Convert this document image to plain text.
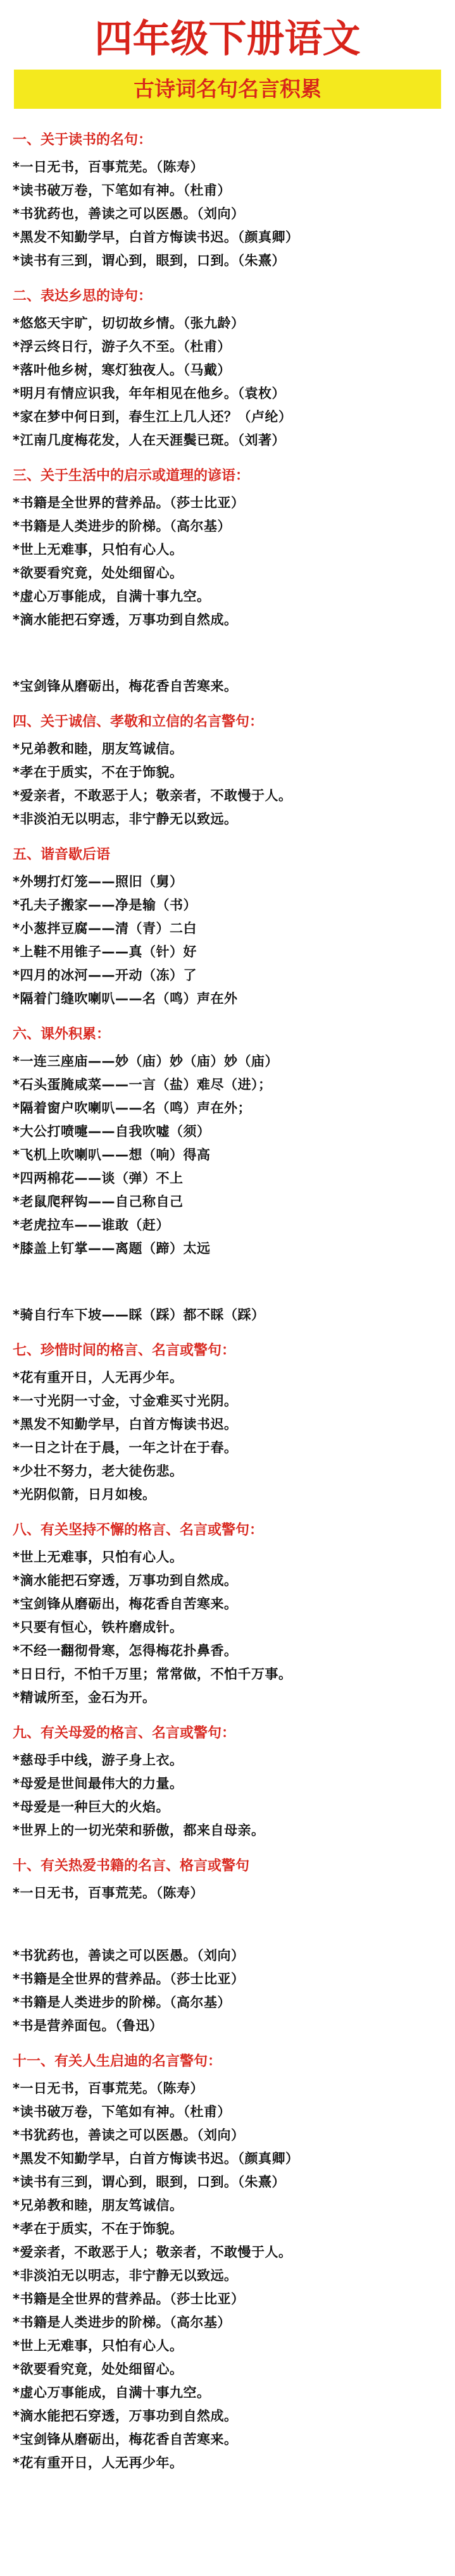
四年级下册语文
古诗词名句名言积累
一、关于读书的名句：
*一日无书，百事荒芜。（陈寿）
*读书破万卷，下笔如有神。（杜甫）
*书犹药也，善读之可以医愚。（刘向）
*黑发不知勤学早，白首方悔读书迟。（颜真卿）
*读书有三到，谓心到，眼到，口到。（朱熹）
二、表达乡思的诗句：
*悠悠天宇旷，切切故乡情。（张九龄）
*浮云终日行，游子久不至。（杜甫）
*落叶他乡树，寒灯独夜人。（马戴）
*明月有情应识我，年年相见在他乡。（袁枚）
*家在梦中何日到，春生江上几人还？（卢纶）
*江南几度梅花发，人在天涯鬓已斑。（刘著）
三、关于生活中的启示或道理的谚语：
*书籍是全世界的营养品。（莎士比亚）
*书籍是人类进步的阶梯。（高尔基）
*世上无难事，只怕有心人。
*欲要看究竟，处处细留心。
*虚心万事能成，自满十事九空。
*滴水能把石穿透，万事功到自然成。
*宝剑锋从磨砺出，梅花香自苦寒来。
四、关于诚信、孝敬和立信的名言警句：
*兄弟教和睦，朋友笃诚信。
*孝在于质实，不在于饰貌。
*爱亲者，不敢恶于人；敬亲者，不敢慢于人。
*非淡泊无以明志，非宁静无以致远。
五、谐音歇后语
*外甥打灯笼——照旧（舅）
*孔夫子搬家——净是输（书）
*小葱拌豆腐——清（青）二白
*上鞋不用锥子——真（针）好
*四月的冰河——开动（冻）了
*隔着门缝吹喇叭——名（鸣）声在外
六、课外积累：
*一连三座庙——妙（庙）妙（庙）妙（庙）
*石头蛋腌咸菜——一言（盐）难尽（进）；
*隔着窗户吹喇叭——名（鸣）声在外；
*大公打喷嚏——自我吹嘘（须）
*飞机上吹喇叭——想（响）得高
*四两棉花——谈（弹）不上
*老鼠爬秤钩——自己称自己
*老虎拉车——谁敢（赶）
*膝盖上钉掌——离题（蹄）太远
*骑自行车下坡——睬（踩）都不睬（踩）
七、珍惜时间的格言、名言或警句：
*花有重开日，人无再少年。
*一寸光阴一寸金，寸金难买寸光阴。
*黑发不知勤学早，白首方悔读书迟。
*一日之计在于晨，一年之计在于春。
*少壮不努力，老大徒伤悲。
*光阴似箭，日月如梭。
八、有关坚持不懈的格言、名言或警句：
*世上无难事，只怕有心人。
*滴水能把石穿透，万事功到自然成。
*宝剑锋从磨砺出，梅花香自苦寒来。
*只要有恒心，铁杵磨成针。
*不经一翻彻骨寒，怎得梅花扑鼻香。
*日日行，不怕千万里；常常做，不怕千万事。
*精诚所至，金石为开。
九、有关母爱的格言、名言或警句：
*慈母手中线，游子身上衣。
*母爱是世间最伟大的力量。
*母爱是一种巨大的火焰。
*世界上的一切光荣和骄傲，都来自母亲。
十、有关热爱书籍的名言、格言或警句
*一日无书，百事荒芜。（陈寿）
*书犹药也，善读之可以医愚。（刘向）
*书籍是全世界的营养品。（莎士比亚）
*书籍是人类进步的阶梯。（高尔基）
*书是营养面包。（鲁迅）
十一、有关人生启迪的名言警句：
*一日无书，百事荒芜。（陈寿）
*读书破万卷，下笔如有神。（杜甫）
*书犹药也，善读之可以医愚。（刘向）
*黑发不知勤学早，白首方悔读书迟。（颜真卿）
*读书有三到，谓心到，眼到，口到。（朱熹）
*兄弟教和睦，朋友笃诚信。
*孝在于质实，不在于饰貌。
*爱亲者，不敢恶于人；敬亲者，不敢慢于人。
*非淡泊无以明志，非宁静无以致远。
*书籍是全世界的营养品。（莎士比亚）
*书籍是人类进步的阶梯。（高尔基）
*世上无难事，只怕有心人。
*欲要看究竟，处处细留心。
*虚心万事能成，自满十事九空。
*滴水能把石穿透，万事功到自然成。
*宝剑锋从磨砺出，梅花香自苦寒来。
*花有重开日，人无再少年。
